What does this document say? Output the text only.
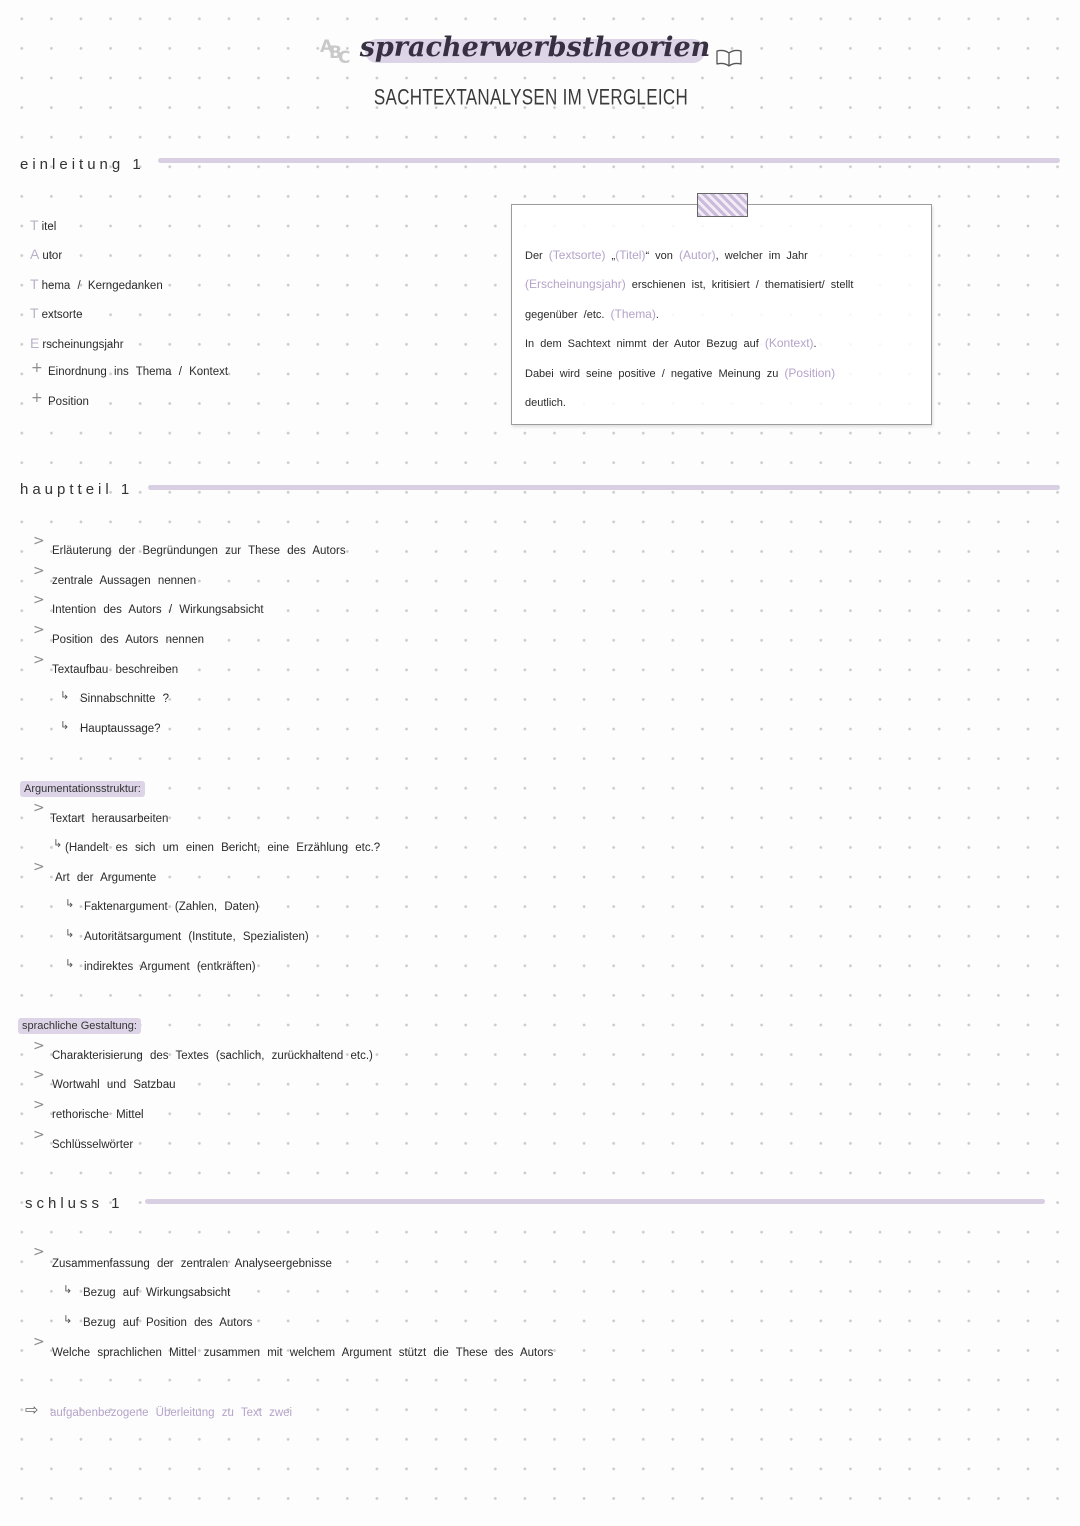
A
B
C spracherwerbstheorien
SACHTEXTANALYSEN IM VERGLEICH
einleitung 1
T itel
A utor
T hema / Kerngedanken
T extsorte
E rscheinungsjahr
+ Einordnung ins Thema / Kontext
+ Position
Der (Textsorte) „(Titel)“ von (Autor), welcher im Jahr
(Erscheinungsjahr) erschienen ist, kritisiert / thematisiert/ stellt
gegenüber /etc. (Thema).
In dem Sachtext nimmt der Autor Bezug auf (Kontext).
Dabei wird seine positive / negative Meinung zu (Position)
deutlich.
hauptteil 1
>
Erläuterung der Begründungen zur These des Autors
>
zentrale Aussagen nennen
>
Intention des Autors / Wirkungsabsicht
>
Position des Autors nennen
>
Textaufbau beschreiben
↳ Sinnabschnitte ?
↳ Hauptaussage?
Argumentationsstruktur:
>
Textart herausarbeiten
↳ (Handelt es sich um einen Bericht, eine Erzählung etc.?
>
Art der Argumente
↳ Faktenargument (Zahlen, Daten)
↳ Autoritätsargument (Institute, Spezialisten)
↳ indirektes Argument (entkräften)
sprachliche Gestaltung:
>
Charakterisierung des Textes (sachlich, zurückhaltend etc.)
>
Wortwahl und Satzbau
>
rethorische Mittel
>
Schlüsselwörter
schluss 1
>
Zusammenfassung der zentralen Analyseergebnisse
↳ Bezug auf Wirkungsabsicht
↳ Bezug auf Position des Autors
>
Welche sprachlichen Mittel zusammen mit welchem Argument stützt die These des Autors
⇨ aufgabenbezogene Überleitung zu Text zwei
